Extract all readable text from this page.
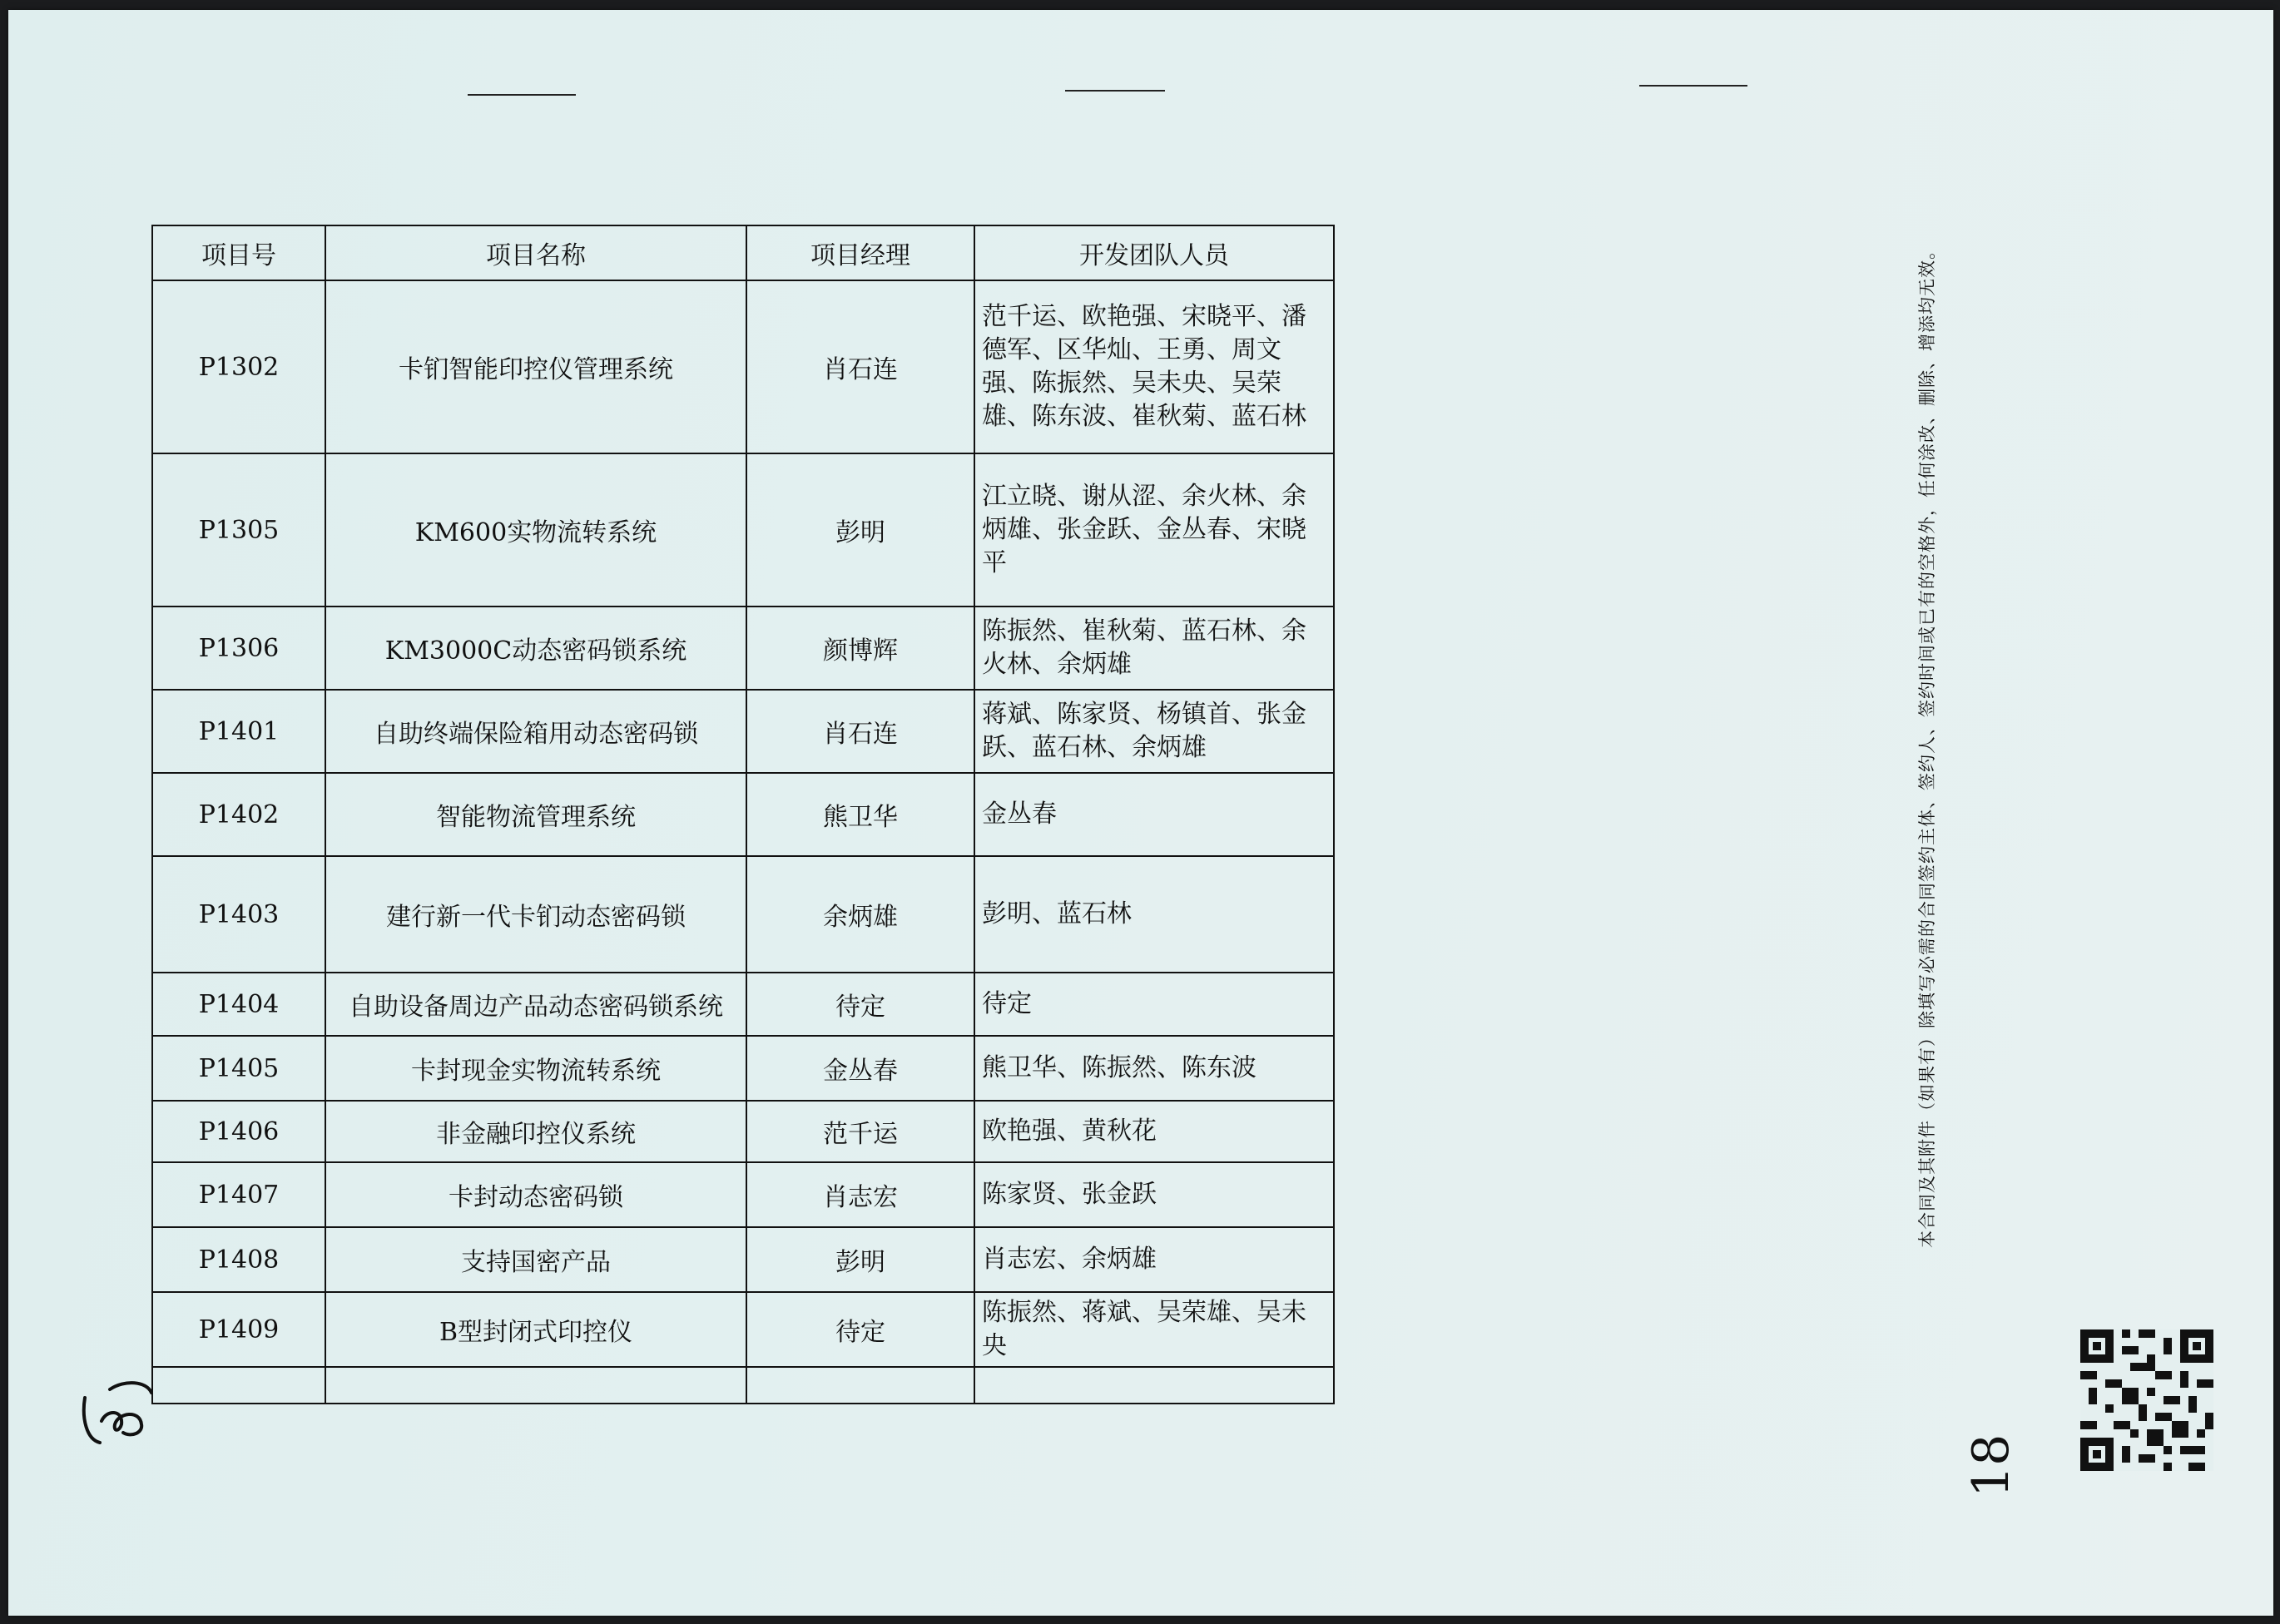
项目号	项目名称	项目经理	开发团队人员
P1302	卡钔智能印控仪管理系统	肖石连	范千运、欧艳强、宋晓平、潘德军、区华灿、王勇、周文强、陈振然、吴未央、吴荣雄、陈东波、崔秋菊、蓝石林
P1305	KM600实物流转系统	彭明	江立晓、谢从涩、余火林、余炳雄、张金跃、金丛春、宋晓平
P1306	KM3000C动态密码锁系统	颜博辉	陈振然、崔秋菊、蓝石林、余火林、余炳雄
P1401	自助终端保险箱用动态密码锁	肖石连	蒋斌、陈家贤、杨镇首、张金跃、蓝石林、余炳雄
P1402	智能物流管理系统	熊卫华	金丛春
P1403	建行新一代卡钔动态密码锁	余炳雄	彭明、蓝石林
P1404	自助设备周边产品动态密码锁系统	待定	待定
P1405	卡封现金实物流转系统	金丛春	熊卫华、陈振然、陈东波
P1406	非金融印控仪系统	范千运	欧艳强、黄秋花
P1407	卡封动态密码锁	肖志宏	陈家贤、张金跃
P1408	支持国密产品	彭明	肖志宏、余炳雄
P1409	B型封闭式印控仪	待定	陈振然、蒋斌、吴荣雄、吴未央

本合同及其附件（如果有）除填写必需的合同签约主体、签约人、签约时间或已有的空格外，任何涂改、删除、增添均无效。
18
